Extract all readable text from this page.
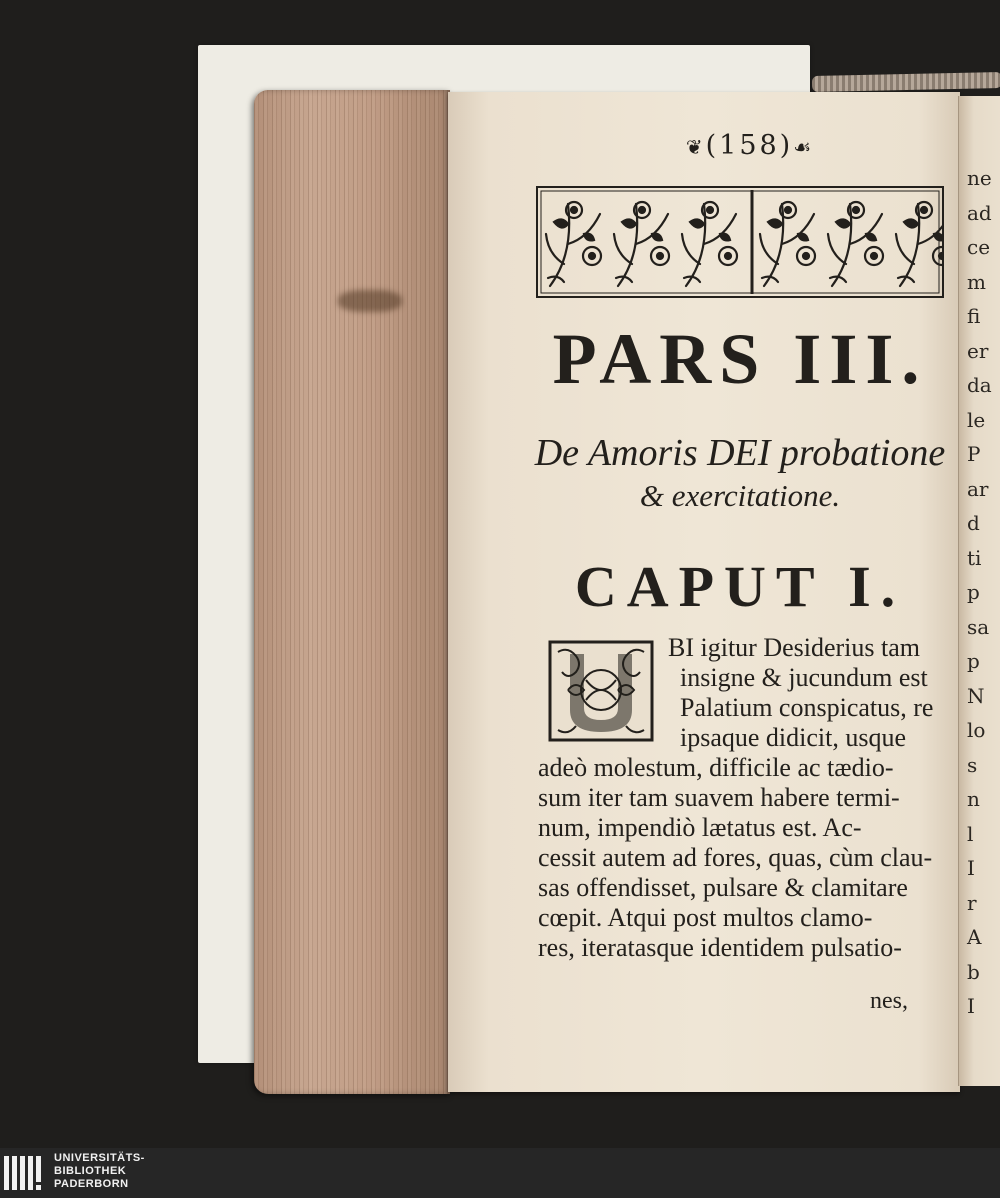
ne
ad
ce
m
fi
er
da
le
P
ar
d
ti
p
sa
p
N
lo
s
n
l
I
r
A
b
I
❦(158)☙
PARS III.
De Amoris DEI probatione
& exercitatione.
CAPUT I.
BI igitur Desiderius tam
insigne & jucundum est
Palatium conspicatus, re
ipsaque didicit, usque
adeò molestum, difficile ac tædio-
sum iter tam suavem habere termi-
num, impendiò lætatus est. Ac-
cessit autem ad fores, quas, cùm clau-
sas offendisset, pulsare & clamitare
cœpit. Atqui post multos clamo-
res, iteratasque identidem pulsatio-
nes,
UNIVERSITÄTS-
BIBLIOTHEK
PADERBORN
